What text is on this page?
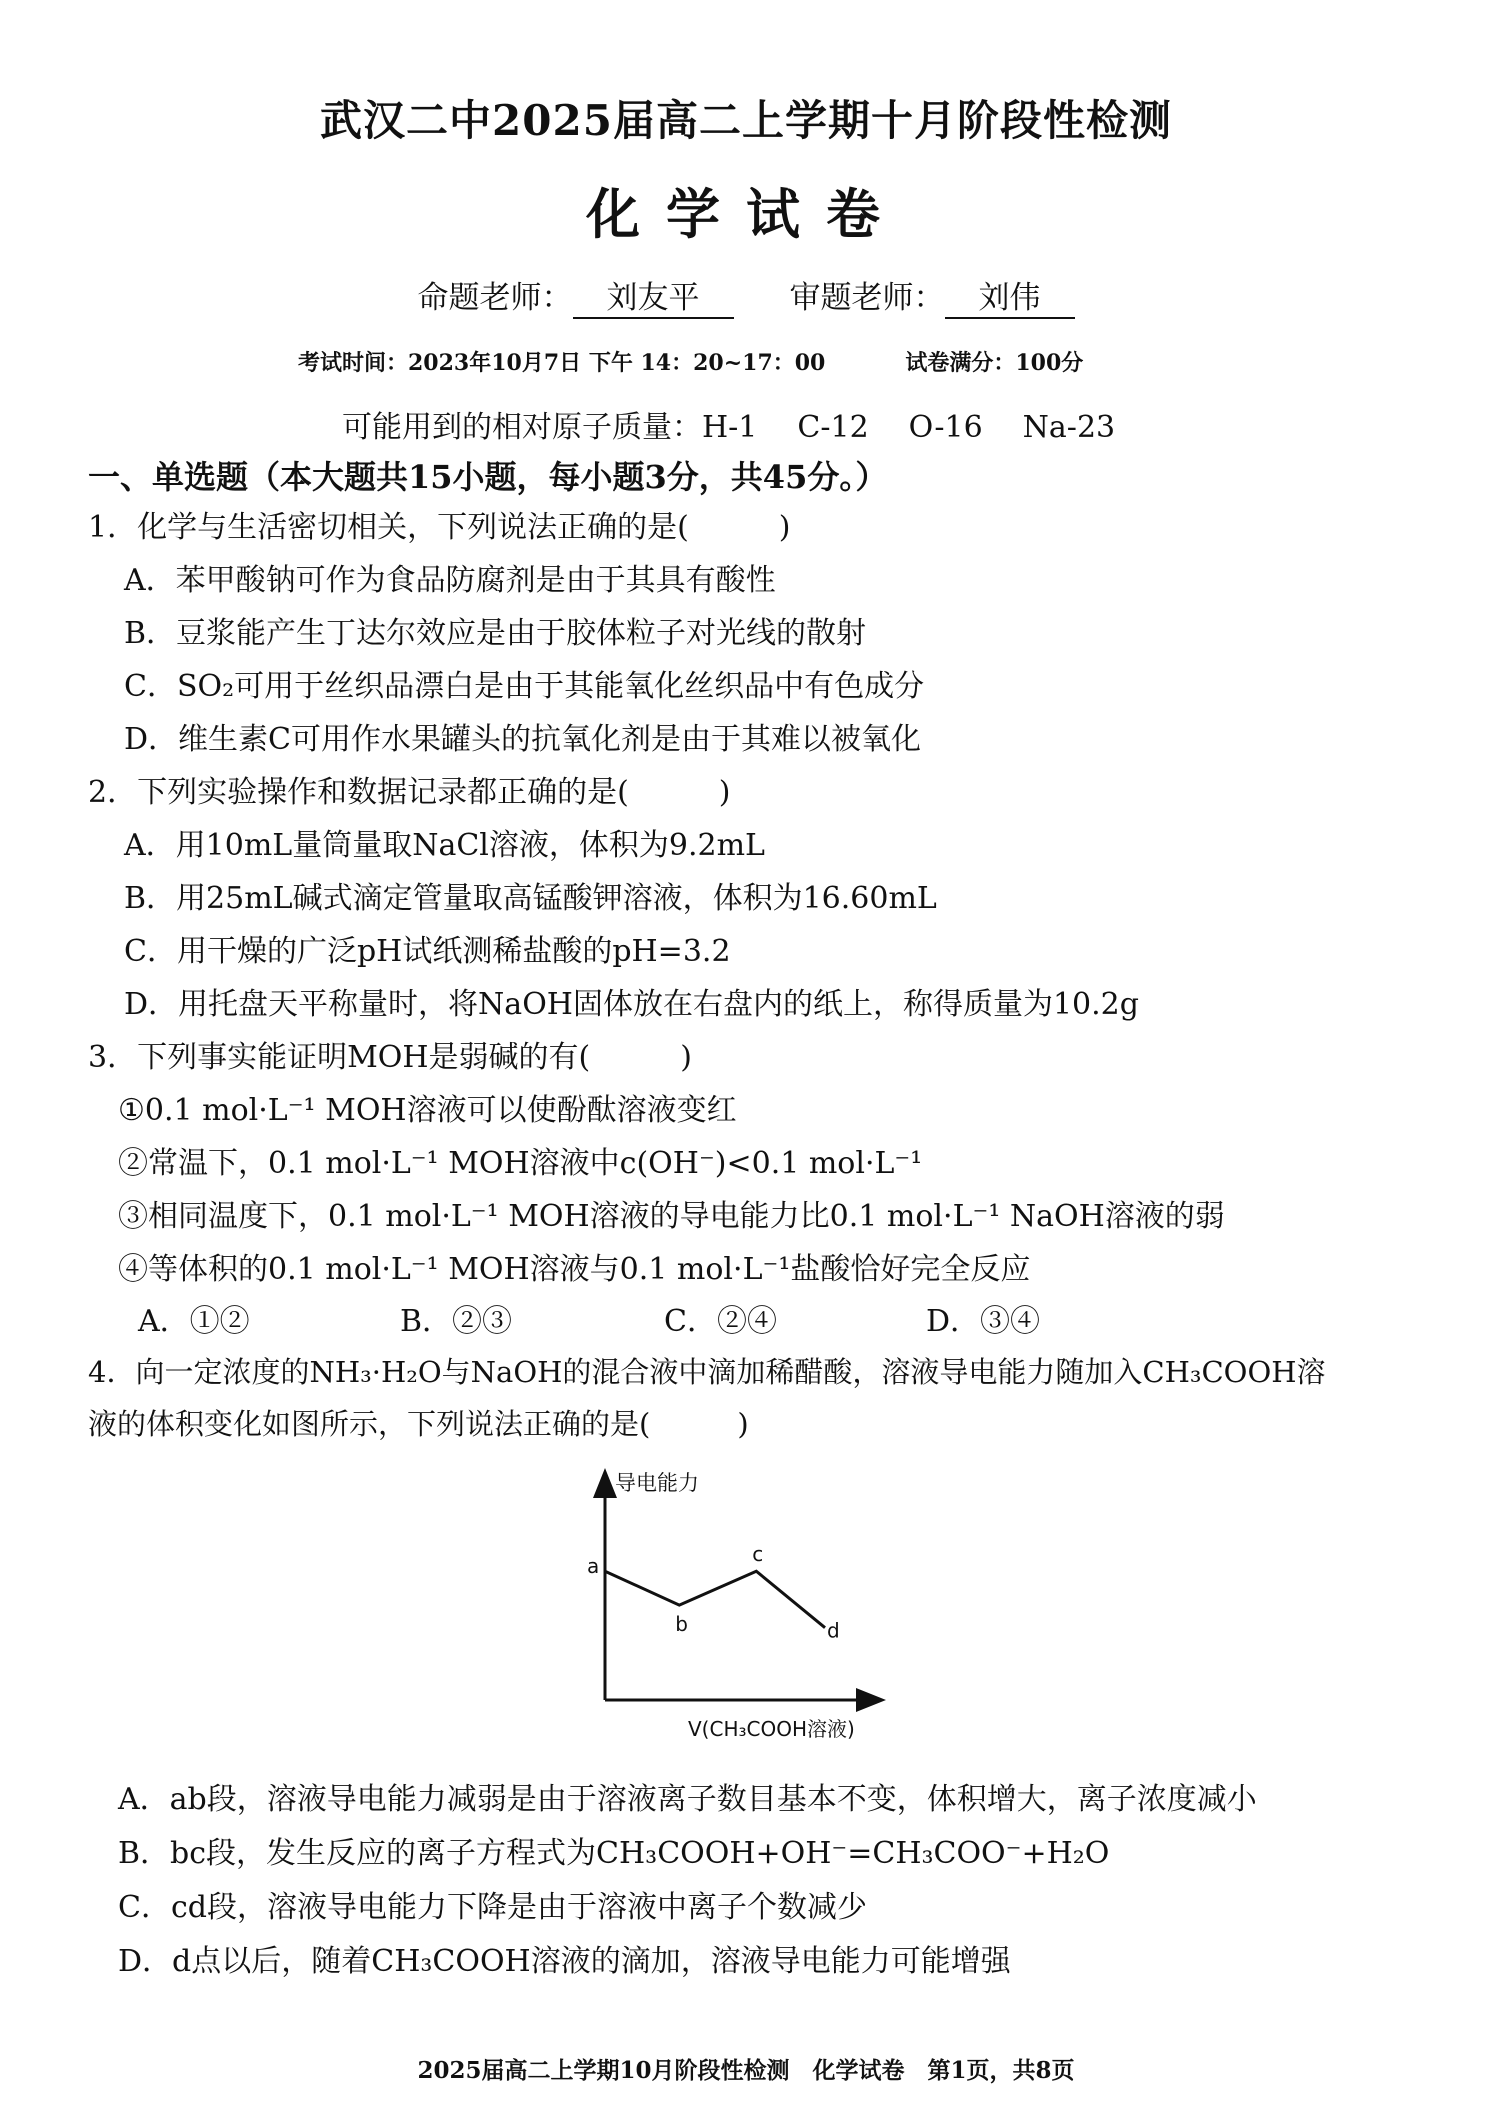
武汉二中2025届高二上学期十月阶段性检测
化学试卷
命题老师： 刘友平	审题老师： 刘伟
考试时间：2023年10月7日 下午 14：20~17：00	试卷满分：100分
可能用到的相对原子质量：H-1 C-12 O-16 Na-23
一、单选题（本大题共15小题，每小题3分，共45分。）
1．化学与生活密切相关，下列说法正确的是(　　　)
A．苯甲酸钠可作为食品防腐剂是由于其具有酸性
B．豆浆能产生丁达尔效应是由于胶体粒子对光线的散射
C．SO₂可用于丝织品漂白是由于其能氧化丝织品中有色成分
D．维生素C可用作水果罐头的抗氧化剂是由于其难以被氧化
2．下列实验操作和数据记录都正确的是(　　　)
A．用10mL量筒量取NaCl溶液，体积为9.2mL
B．用25mL碱式滴定管量取高锰酸钾溶液，体积为16.60mL
C．用干燥的广泛pH试纸测稀盐酸的pH=3.2
D．用托盘天平称量时，将NaOH固体放在右盘内的纸上，称得质量为10.2g
3．下列事实能证明MOH是弱碱的有(　　　)
①0.1 mol·L⁻¹ MOH溶液可以使酚酞溶液变红
②常温下，0.1 mol·L⁻¹ MOH溶液中c(OH⁻)<0.1 mol·L⁻¹
③相同温度下，0.1 mol·L⁻¹ MOH溶液的导电能力比0.1 mol·L⁻¹ NaOH溶液的弱
④等体积的0.1 mol·L⁻¹ MOH溶液与0.1 mol·L⁻¹盐酸恰好完全反应
A．①②	B．②③	C．②④	D．③④
4．向一定浓度的NH₃·H₂O与NaOH的混合液中滴加稀醋酸，溶液导电能力随加入CH₃COOH溶
液的体积变化如图所示，下列说法正确的是(　　　)
导电能力
V(CH₃COOH溶液)
a
b
c
d
A．ab段，溶液导电能力减弱是由于溶液离子数目基本不变，体积增大，离子浓度减小
B．bc段，发生反应的离子方程式为CH₃COOH+OH⁻=CH₃COO⁻+H₂O
C．cd段，溶液导电能力下降是由于溶液中离子个数减少
D．d点以后，随着CH₃COOH溶液的滴加，溶液导电能力可能增强
2025届高二上学期10月阶段性检测　化学试卷　第1页，共8页
